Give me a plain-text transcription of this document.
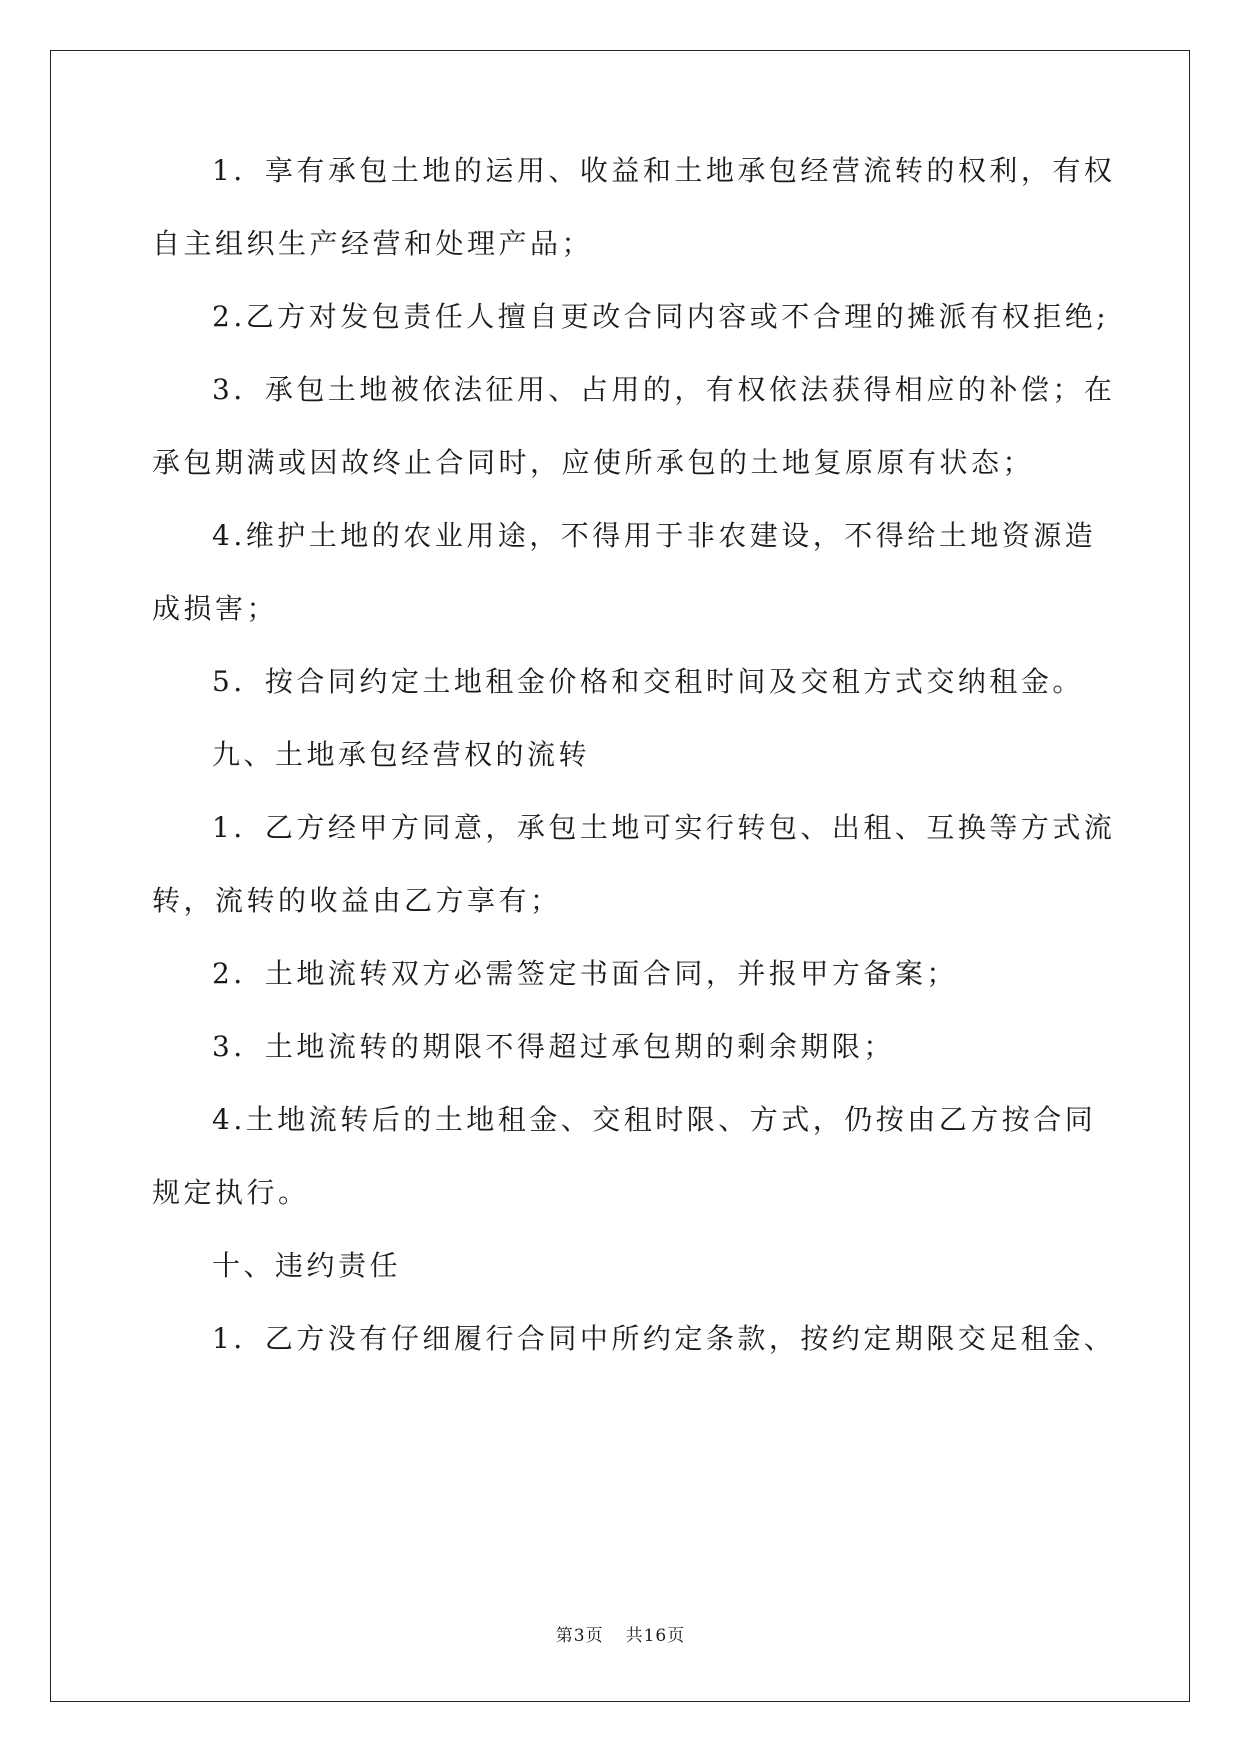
1．享有承包土地的运用、收益和土地承包经营流转的权利，有权
自主组织生产经营和处理产品；
2.乙方对发包责任人擅自更改合同内容或不合理的摊派有权拒绝;
3．承包土地被依法征用、占用的，有权依法获得相应的补偿；在
承包期满或因故终止合同时，应使所承包的土地复原原有状态；
4.维护土地的农业用途，不得用于非农建设，不得给土地资源造
成损害；
5．按合同约定土地租金价格和交租时间及交租方式交纳租金。
九、土地承包经营权的流转
1．乙方经甲方同意，承包土地可实行转包、出租、互换等方式流
转，流转的收益由乙方享有；
2．土地流转双方必需签定书面合同，并报甲方备案；
3．土地流转的期限不得超过承包期的剩余期限；
4.土地流转后的土地租金、交租时限、方式，仍按由乙方按合同
规定执行。
十、违约责任
1．乙方没有仔细履行合同中所约定条款，按约定期限交足租金、
第3页 共16页
